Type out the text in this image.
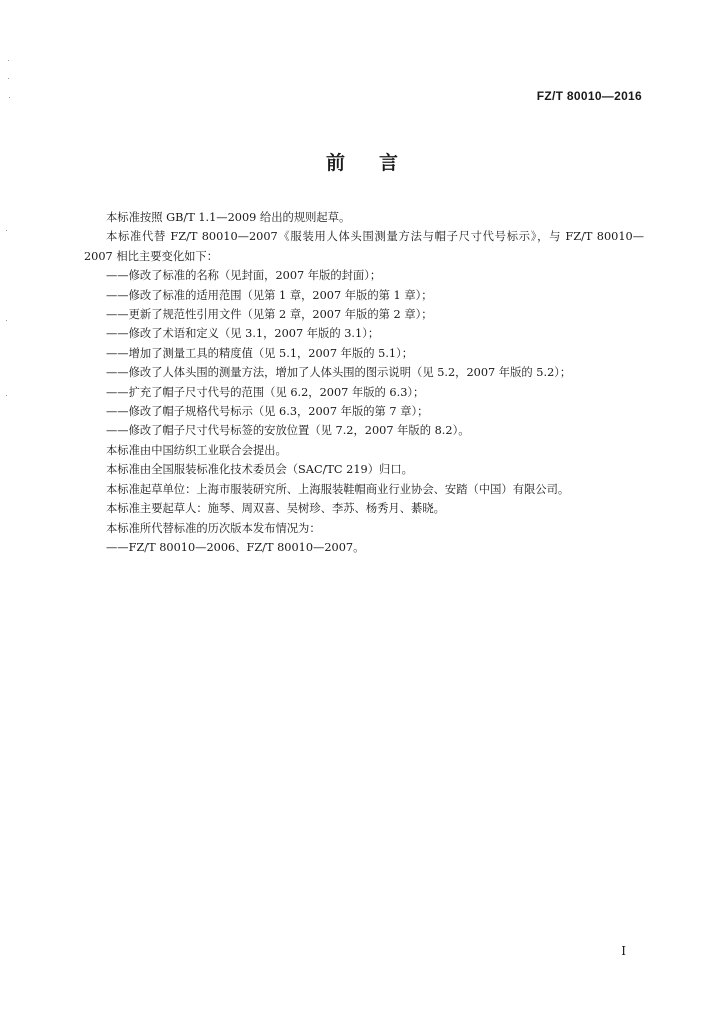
FZ/T 80010—2016
前言

本标准按照 GB/T 1.1—2009 给出的规则起草。

本标准代替 FZ/T 80010—2007《服装用人体头围测量方法与帽子尺寸代号标示》，与 FZ/T 80010—2007 相比主要变化如下：

——修改了标准的名称（见封面，2007 年版的封面）；

——修改了标准的适用范围（见第 1 章，2007 年版的第 1 章）；

——更新了规范性引用文件（见第 2 章，2007 年版的第 2 章）；

——修改了术语和定义（见 3.1，2007 年版的 3.1）；

——增加了测量工具的精度值（见 5.1，2007 年版的 5.1）；

——修改了人体头围的测量方法，增加了人体头围的图示说明（见 5.2，2007 年版的 5.2）；

——扩充了帽子尺寸代号的范围（见 6.2，2007 年版的 6.3）；

——修改了帽子规格代号标示（见 6.3，2007 年版的第 7 章）；

——修改了帽子尺寸代号标签的安放位置（见 7.2，2007 年版的 8.2）。

本标准由中国纺织工业联合会提出。

本标准由全国服装标准化技术委员会（SAC/TC 219）归口。

本标准起草单位：上海市服装研究所、上海服装鞋帽商业行业协会、安踏（中国）有限公司。

本标准主要起草人：施琴、周双喜、吴树珍、李苏、杨秀月、綦晓。

本标准所代替标准的历次版本发布情况为：

——FZ/T 80010—2006、FZ/T 80010—2007。

I
